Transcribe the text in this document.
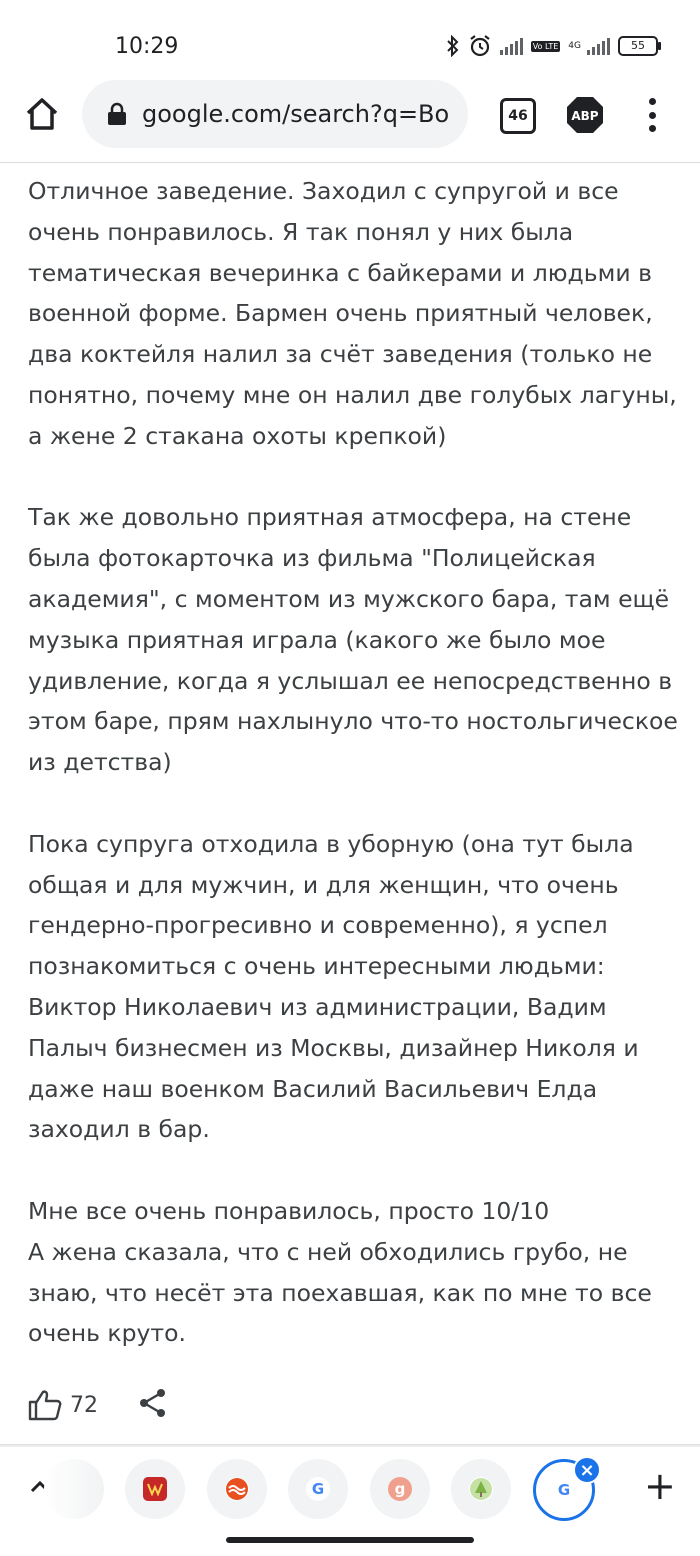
10:29	Vo LTE 4G	55
google.com/search?q=Bo	46	ABP

Отличное заведение. Заходил с супругой и все очень понравилось. Я так понял у них была тематическая вечеринка с байкерами и людьми в военной форме. Бармен очень приятный человек, два коктейля налил за счёт заведения (только не понятно, почему мне он налил две голубых лагуны, а жене 2 стакана охоты крепкой)

Так же довольно приятная атмосфера, на стене была фотокарточка из фильма "Полицейская академия", с моментом из мужского бара, там ещё музыка приятная играла (какого же было мое удивление, когда я услышал ее непосредственно в этом баре, прям нахлынуло что-то ностольгическое из детства)

Пока супруга отходила в уборную (она тут была общая и для мужчин, и для женщин, что очень гендерно-прогресивно и современно), я успел познакомиться с очень интересными людьми: Виктор Николаевич из администрации, Вадим Палыч бизнесмен из Москвы, дизайнер Николя и даже наш военком Василий Васильевич Елда заходил в бар.

Мне все очень понравилось, просто 10/10
А жена сказала, что с ней обходились грубо, не знаю, что несёт эта поехавшая, как по мне то все очень круто.

72
G	g	G +
×
